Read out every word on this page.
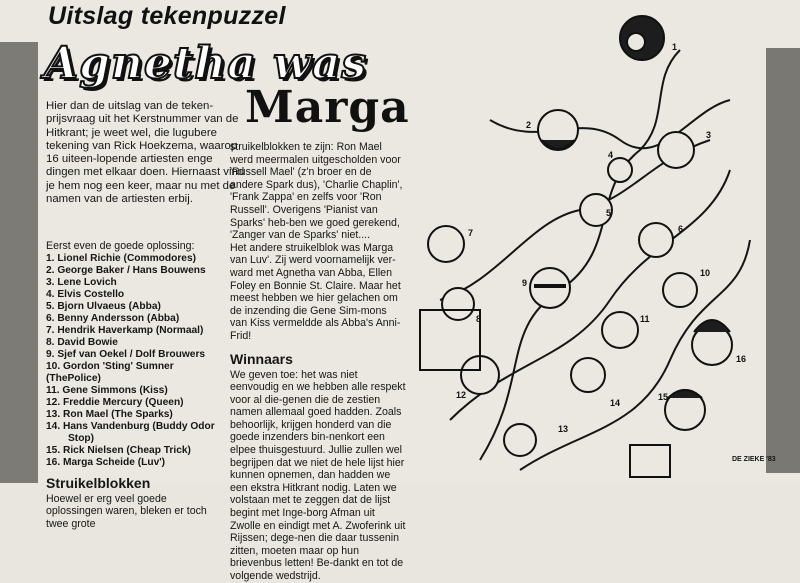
Uitslag tekenpuzzel
Agnetha was
Marga
Hier dan de uitslag van de teken-prijsvraag uit het Kerstnummer van de Hitkrant; je weet wel, die lugubere tekening van Rick Hoekzema, waarop 16 uiteen-lopende artiesten enge dingen met elkaar doen. Hiernaast vind je hem nog een keer, maar nu met de namen van de artiesten erbij.
Eerst even de goede oplossing:
1. Lionel Richie (Commodores)
2. George Baker / Hans Bouwens
3. Lene Lovich
4. Elvis Costello
5. Bjorn Ulvaeus (Abba)
6. Benny Andersson (Abba)
7. Hendrik Haverkamp (Normaal)
8. David Bowie
9. Sjef van Oekel / Dolf Brouwers
10. Gordon 'Sting' Sumner (ThePolice)
11. Gene Simmons (Kiss)
12. Freddie Mercury (Queen)
13. Ron Mael (The Sparks)
14. Hans Vandenburg (Buddy Odor
Stop)
15. Rick Nielsen (Cheap Trick)
16. Marga Scheide (Luv')
Struikelblokken
Hoewel er erg veel goede oplossingen waren, bleken er toch twee grote

struikelblokken te zijn: Ron Mael werd meermalen uitgescholden voor 'Russell Mael' (z'n broer en de andere Spark dus), 'Charlie Chaplin', 'Frank Zappa' en zelfs voor 'Ron Russell'. Overigens 'Pianist van Sparks' heb-ben we goed gerekend, 'Zanger van de Sparks' niet....

Het andere struikelblok was Marga van Luv'. Zij werd voornamelijk ver-ward met Agnetha van Abba, Ellen Foley en Bonnie St. Claire. Maar het meest hebben we hier gelachen om de inzending die Gene Sim-mons van Kiss vermeldde als Abba's Anni-Frid!

Winnaars

We geven toe: het was niet eenvoudig en we hebben alle respekt voor al die-genen die de zestien namen allemaal goed hadden. Zoals behoorlijk, krijgen honderd van die goede inzenders bin-nenkort een elpee thuisgestuurd. Jullie zullen wel begrijpen dat we niet de hele lijst hier kunnen opnemen, dan hadden we een ekstra Hitkrant nodig. Laten we volstaan met te zeggen dat de lijst begint met Inge-borg Afman uit Zwolle en eindigt met A. Zwoferink uit Rijssen; dege-nen die daar tussenin zitten, moeten maar op hun brievenbus letten! Be-dankt en tot de volgende wedstrijd.

1
2
3
4
5
6
7
8
9
10
11
12
13
14
15
16
DE ZIEKE '83
